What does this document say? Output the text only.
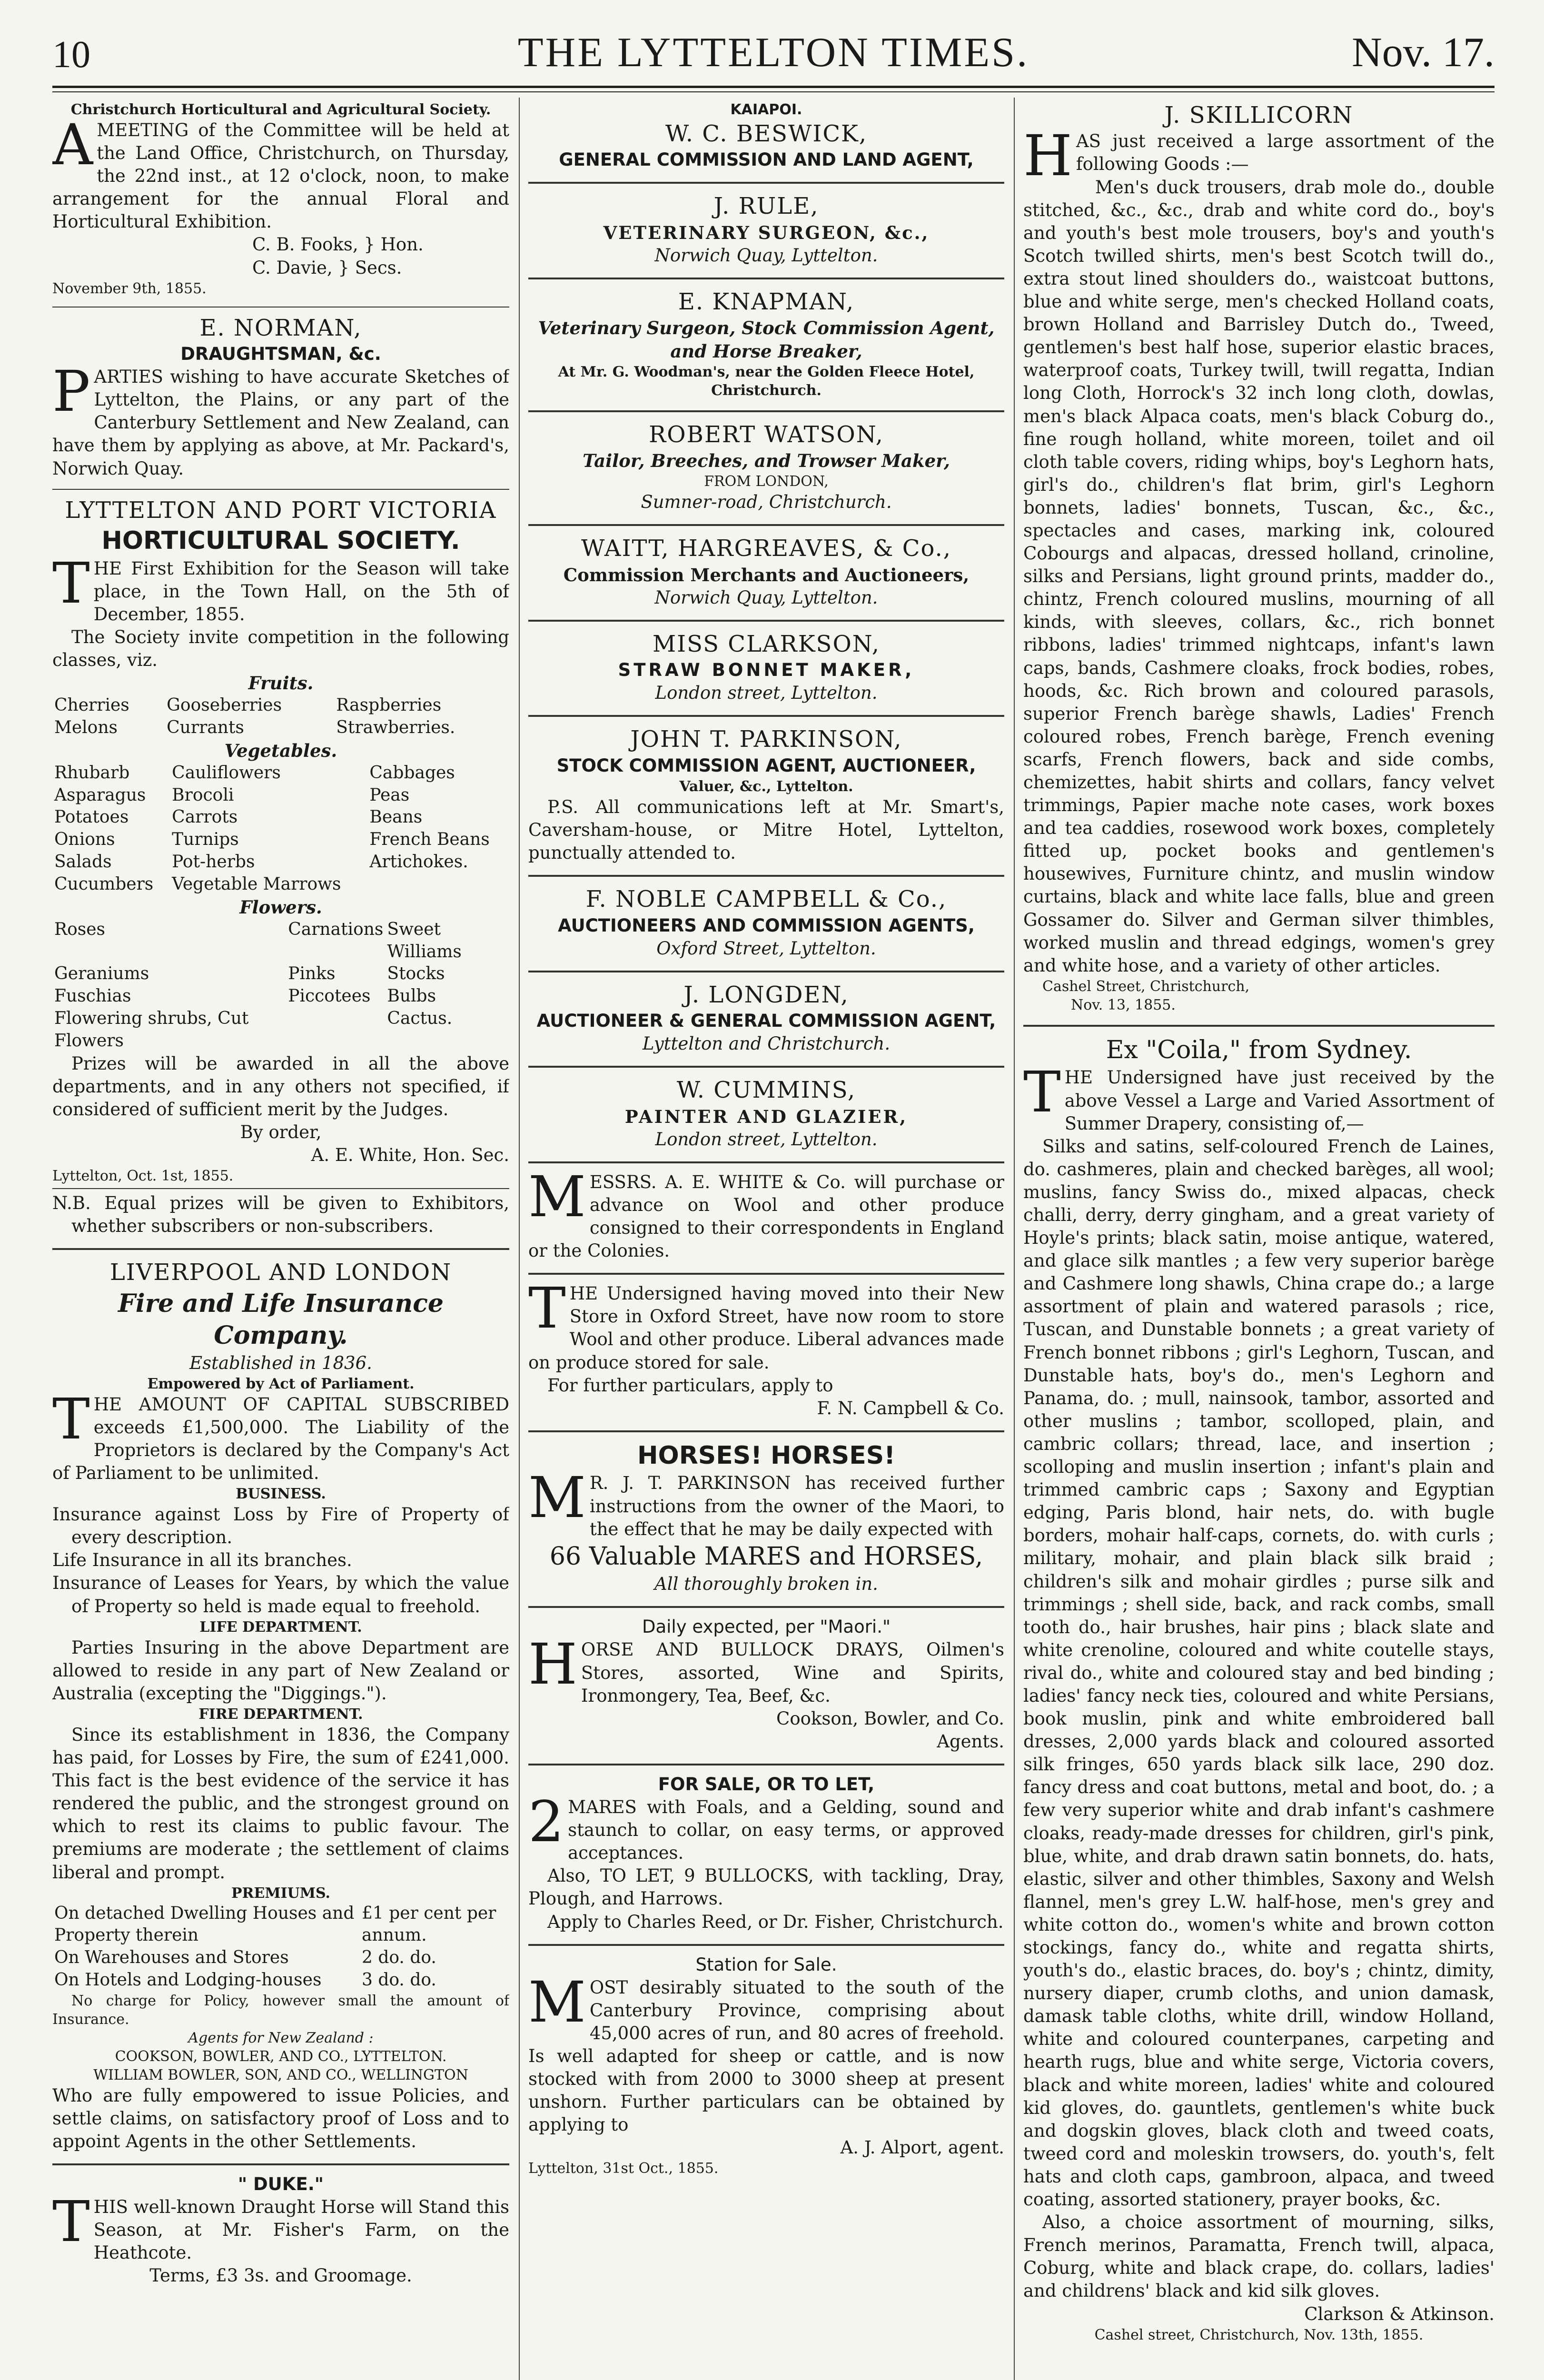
10	THE LYTTELTON TIMES.	Nov. 17.
Christchurch Horticultural and Agricultural Society.

AMEETING of the Committee will be held at the Land Office, Christchurch, on Thursday, the 22nd inst., at 12 o'clock, noon, to make arrangement for the annual Floral and Horticultural Exhibition.

C. B. Fooks, } Hon.
C. Davie, } Secs.
November 9th, 1855.
E. NORMAN,
DRAUGHTSMAN, &c.

PARTIES wishing to have accurate Sketches of Lyttelton, the Plains, or any part of the Canterbury Settlement and New Zealand, can have them by applying as above, at Mr. Packard's, Norwich Quay.

LYTTELTON AND PORT VICTORIA
HORTICULTURAL SOCIETY.

THE First Exhibition for the Season will take place, in the Town Hall, on the 5th of December, 1855.

The Society invite competition in the following classes, viz.

Fruits.
Cherries	Gooseberries	Raspberries
Melons	Currants	Strawberries.
Vegetables.
Rhubarb	Cauliflowers	Cabbages
Asparagus	Brocoli	Peas
Potatoes	Carrots	Beans
Onions	Turnips	French Beans
Salads	Pot-herbs	Artichokes.
Cucumbers	Vegetable Marrows	
Flowers.
Roses	Carnations	Sweet Williams
Geraniums	Pinks	Stocks
Fuschias	Piccotees	Bulbs
Flowering shrubs, Cut Flowers		Cactus.

Prizes will be awarded in all the above departments, and in any others not specified, if considered of sufficient merit by the Judges.

By order,
A. E. White, Hon. Sec.
Lyttelton, Oct. 1st, 1855.

N.B. Equal prizes will be given to Exhibitors, whether subscribers or non-subscribers.

LIVERPOOL AND LONDON
Fire and Life Insurance Company.
Established in 1836.
Empowered by Act of Parliament.

THE AMOUNT OF CAPITAL SUBSCRIBED exceeds £1,500,000. The Liability of the Proprietors is declared by the Company's Act of Parliament to be unlimited.

BUSINESS.

Insurance against Loss by Fire of Property of every description.

Life Insurance in all its branches.

Insurance of Leases for Years, by which the value of Property so held is made equal to freehold.

LIFE DEPARTMENT.

Parties Insuring in the above Department are allowed to reside in any part of New Zealand or Australia (excepting the "Diggings.").

FIRE DEPARTMENT.

Since its establishment in 1836, the Company has paid, for Losses by Fire, the sum of £241,000. This fact is the best evidence of the service it has rendered the public, and the strongest ground on which to rest its claims to public favour. The premiums are moderate ; the settlement of claims liberal and prompt.

PREMIUMS.
On detached Dwelling Houses and Property therein	£1 per cent per annum.
On Warehouses and Stores	2 do. do.
On Hotels and Lodging-houses	3 do. do.

No charge for Policy, however small the amount of Insurance.

Agents for New Zealand :
COOKSON, BOWLER, AND CO., LYTTELTON.
WILLIAM BOWLER, SON, AND CO., WELLINGTON

Who are fully empowered to issue Policies, and settle claims, on satisfactory proof of Loss and to appoint Agents in the other Settlements.

" DUKE."

THIS well-known Draught Horse will Stand this Season, at Mr. Fisher's Farm, on the Heathcote.

Terms, £3 3s. and Groomage.
KAIAPOI.
W. C. BESWICK,
GENERAL COMMISSION AND LAND AGENT,
J. RULE,
VETERINARY SURGEON, &c.,
Norwich Quay, Lyttelton.
E. KNAPMAN,
Veterinary Surgeon, Stock Commission Agent, and Horse Breaker,
At Mr. G. Woodman's, near the Golden Fleece Hotel, Christchurch.
ROBERT WATSON,
Tailor, Breeches, and Trowser Maker,
FROM LONDON,
Sumner-road, Christchurch.
WAITT, HARGREAVES, & Co.,
Commission Merchants and Auctioneers,
Norwich Quay, Lyttelton.
MISS CLARKSON,
STRAW BONNET MAKER,
London street, Lyttelton.
JOHN T. PARKINSON,
STOCK COMMISSION AGENT, AUCTIONEER,
Valuer, &c., Lyttelton.

P.S. All communications left at Mr. Smart's, Caversham-house, or Mitre Hotel, Lyttelton, punctually attended to.

F. NOBLE CAMPBELL & Co.,
AUCTIONEERS AND COMMISSION AGENTS,
Oxford Street, Lyttelton.
J. LONGDEN,
AUCTIONEER & GENERAL COMMISSION AGENT,
Lyttelton and Christchurch.
W. CUMMINS,
PAINTER AND GLAZIER,
London street, Lyttelton.

MESSRS. A. E. WHITE & Co. will purchase or advance on Wool and other produce consigned to their correspondents in England or the Colonies.

THE Undersigned having moved into their New Store in Oxford Street, have now room to store Wool and other produce. Liberal advances made on produce stored for sale.

For further particulars, apply to

F. N. Campbell & Co.
HORSES! HORSES!

MR. J. T. PARKINSON has received further instructions from the owner of the Maori, to the effect that he may be daily expected with

66 Valuable MARES and HORSES,
All thoroughly broken in.
Daily expected, per "Maori."

HORSE AND BULLOCK DRAYS, Oilmen's Stores, assorted, Wine and Spirits, Ironmongery, Tea, Beef, &c.

Cookson, Bowler, and Co.
Agents.
FOR SALE, OR TO LET,

2MARES with Foals, and a Gelding, sound and staunch to collar, on easy terms, or approved acceptances.

Also, TO LET, 9 BULLOCKS, with tackling, Dray, Plough, and Harrows.

Apply to Charles Reed, or Dr. Fisher, Christchurch.

Station for Sale.

MOST desirably situated to the south of the Canterbury Province, comprising about 45,000 acres of run, and 80 acres of freehold. Is well adapted for sheep or cattle, and is now stocked with from 2000 to 3000 sheep at present unshorn. Further particulars can be obtained by applying to

A. J. Alport, agent.
Lyttelton, 31st Oct., 1855.
J. SKILLICORN

HAS just received a large assortment of the following Goods :—

Men's duck trousers, drab mole do., double stitched, &c., &c., drab and white cord do., boy's and youth's best mole trousers, boy's and youth's Scotch twilled shirts, men's best Scotch twill do., extra stout lined shoulders do., waistcoat buttons, blue and white serge, men's checked Holland coats, brown Holland and Barrisley Dutch do., Tweed, gentlemen's best half hose, superior elastic braces, waterproof coats, Turkey twill, twill regatta, Indian long Cloth, Horrock's 32 inch long cloth, dowlas, men's black Alpaca coats, men's black Coburg do., fine rough holland, white moreen, toilet and oil cloth table covers, riding whips, boy's Leghorn hats, girl's do., children's flat brim, girl's Leghorn bonnets, ladies' bonnets, Tuscan, &c., &c., spectacles and cases, marking ink, coloured Cobourgs and alpacas, dressed holland, crinoline, silks and Persians, light ground prints, madder do., chintz, French coloured muslins, mourning of all kinds, with sleeves, collars, &c., rich bonnet ribbons, ladies' trimmed nightcaps, infant's lawn caps, bands, Cashmere cloaks, frock bodies, robes, hoods, &c. Rich brown and coloured parasols, superior French barège shawls, Ladies' French coloured robes, French barège, French evening scarfs, French flowers, back and side combs, chemizettes, habit shirts and collars, fancy velvet trimmings, Papier mache note cases, work boxes and tea caddies, rosewood work boxes, completely fitted up, pocket books and gentlemen's housewives, Furniture chintz, and muslin window curtains, black and white lace falls, blue and green Gossamer do. Silver and German silver thimbles, worked muslin and thread edgings, women's grey and white hose, and a variety of other articles.

Cashel Street, Christchurch,
Nov. 13, 1855.
Ex "Coila," from Sydney.

THE Undersigned have just received by the above Vessel a Large and Varied Assortment of Summer Drapery, consisting of,—

Silks and satins, self-coloured French de Laines, do. cashmeres, plain and checked barèges, all wool; muslins, fancy Swiss do., mixed alpacas, check challi, derry, derry gingham, and a great variety of Hoyle's prints; black satin, moise antique, watered, and glace silk mantles ; a few very superior barège and Cashmere long shawls, China crape do.; a large assortment of plain and watered parasols ; rice, Tuscan, and Dunstable bonnets ; a great variety of French bonnet ribbons ; girl's Leghorn, Tuscan, and Dunstable hats, boy's do., men's Leghorn and Panama, do. ; mull, nainsook, tambor, assorted and other muslins ; tambor, scolloped, plain, and cambric collars; thread, lace, and insertion ; scolloping and muslin insertion ; infant's plain and trimmed cambric caps ; Saxony and Egyptian edging, Paris blond, hair nets, do. with bugle borders, mohair half-caps, cornets, do. with curls ; military, mohair, and plain black silk braid ; children's silk and mohair girdles ; purse silk and trimmings ; shell side, back, and rack combs, small tooth do., hair brushes, hair pins ; black slate and white crenoline, coloured and white coutelle stays, rival do., white and coloured stay and bed binding ; ladies' fancy neck ties, coloured and white Persians, book muslin, pink and white embroidered ball dresses, 2,000 yards black and coloured assorted silk fringes, 650 yards black silk lace, 290 doz. fancy dress and coat buttons, metal and boot, do. ; a few very superior white and drab infant's cashmere cloaks, ready-made dresses for children, girl's pink, blue, white, and drab drawn satin bonnets, do. hats, elastic, silver and other thimbles, Saxony and Welsh flannel, men's grey L.W. half-hose, men's grey and white cotton do., women's white and brown cotton stockings, fancy do., white and regatta shirts, youth's do., elastic braces, do. boy's ; chintz, dimity, nursery diaper, crumb cloths, and union damask, damask table cloths, white drill, window Holland, white and coloured counterpanes, carpeting and hearth rugs, blue and white serge, Victoria covers, black and white moreen, ladies' white and coloured kid gloves, do. gauntlets, gentlemen's white buck and dogskin gloves, black cloth and tweed coats, tweed cord and moleskin trowsers, do. youth's, felt hats and cloth caps, gambroon, alpaca, and tweed coating, assorted stationery, prayer books, &c.

Also, a choice assortment of mourning, silks, French merinos, Paramatta, French twill, alpaca, Coburg, white and black crape, do. collars, ladies' and childrens' black and kid silk gloves.

Clarkson & Atkinson.
Cashel street, Christchurch, Nov. 13th, 1855.
